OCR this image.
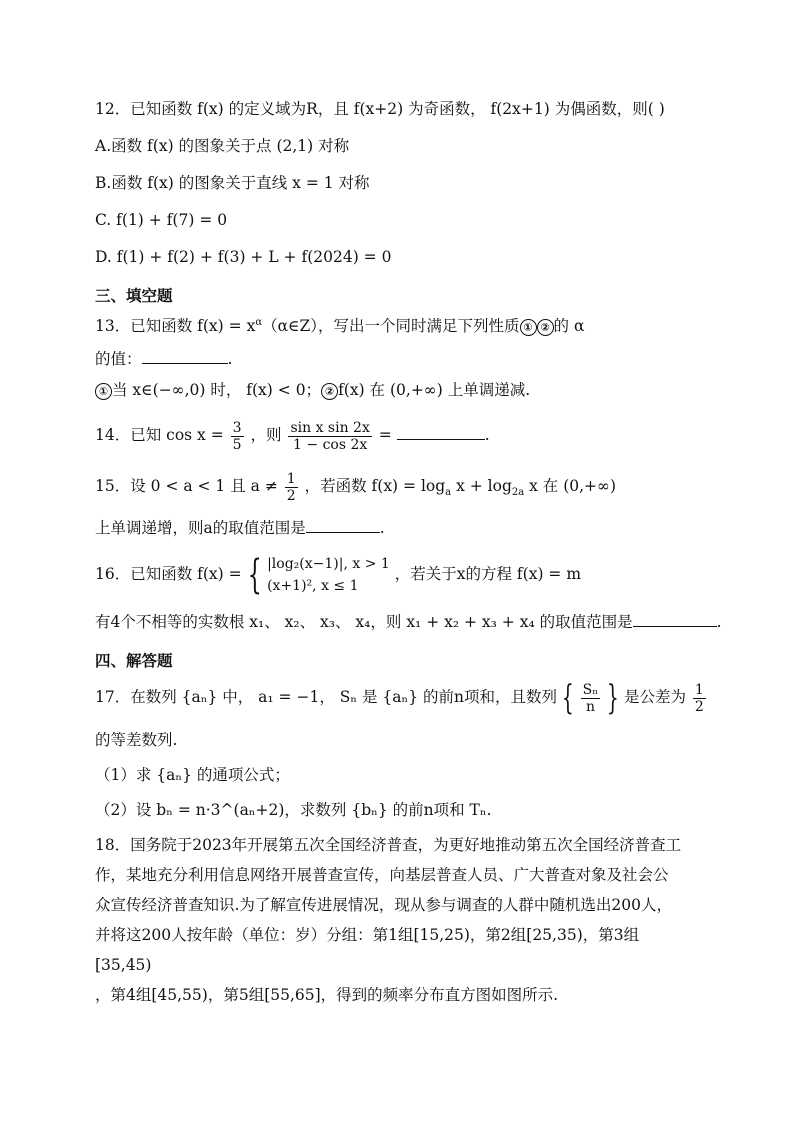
12．已知函数 f(x) 的定义域为R，且 f(x+2) 为奇函数， f(2x+1) 为偶函数，则( )
A.函数 f(x) 的图象关于点 (2,1) 对称
B.函数 f(x) 的图象关于直线 x = 1 对称
C. f(1) + f(7) = 0
D. f(1) + f(2) + f(3) + L + f(2024) = 0
三、填空题
13．已知函数 $f(x) = x^\alpha(\alpha\in Z)$，写出一个同时满足下列性质 ① ② 的 α
的值：	.
① 当 x∈(−∞,0) 时， f(x) < 0； ② f(x) 在 (0,+∞) 上单调递减.
14．已知 $\cos x = \frac{3}{5}$ ，则 $\frac{\text{sin x sin 2x}}{1 - \cos 2x}$ =	.
15．设 0 < a < 1 且 $a \ne \frac{1}{2}$ ，若函数 $f(x) = \log_a x + \log_{2a} x$ 在 (0,+∞)
上单调递增，则a的取值范围是	.
16．已知函数 f(x) = { |log₂(x−1)|, x > 1
(x+1)², x ≤ 1
，若关于x的方程 f(x) = m
有4个不相等的实数根 x₁、 x₂、 x₃、 x₄，则 x₁ + x₂ + x₃ + x₄ 的取值范围是	.
四、解答题
17．在数列 {aₙ} 中， a₁ = −1， Sₙ 是 {aₙ} 的前n项和，且数列 { $\frac{\text{Sₙ}}{n}$ } 是公差为 $\frac{1}{2}$
的等差数列.
（1）求 {aₙ} 的通项公式；
（2）设 bₙ = n·3^(aₙ+2)，求数列 {bₙ} 的前n项和 Tₙ.
18．国务院于2023年开展第五次全国经济普查，为更好地推动第五次全国经济普查工
作，某地充分利用信息网络开展普查宣传，向基层普查人员、广大普查对象及社会公
众宣传经济普查知识.为了解宣传进展情况，现从参与调查的人群中随机选出200人，
并将这200人按年龄（单位：岁）分组：第1组[15,25)，第2组[25,35)，第3组[35,45)
，第4组[45,55)，第5组[55,65]，得到的频率分布直方图如图所示.
